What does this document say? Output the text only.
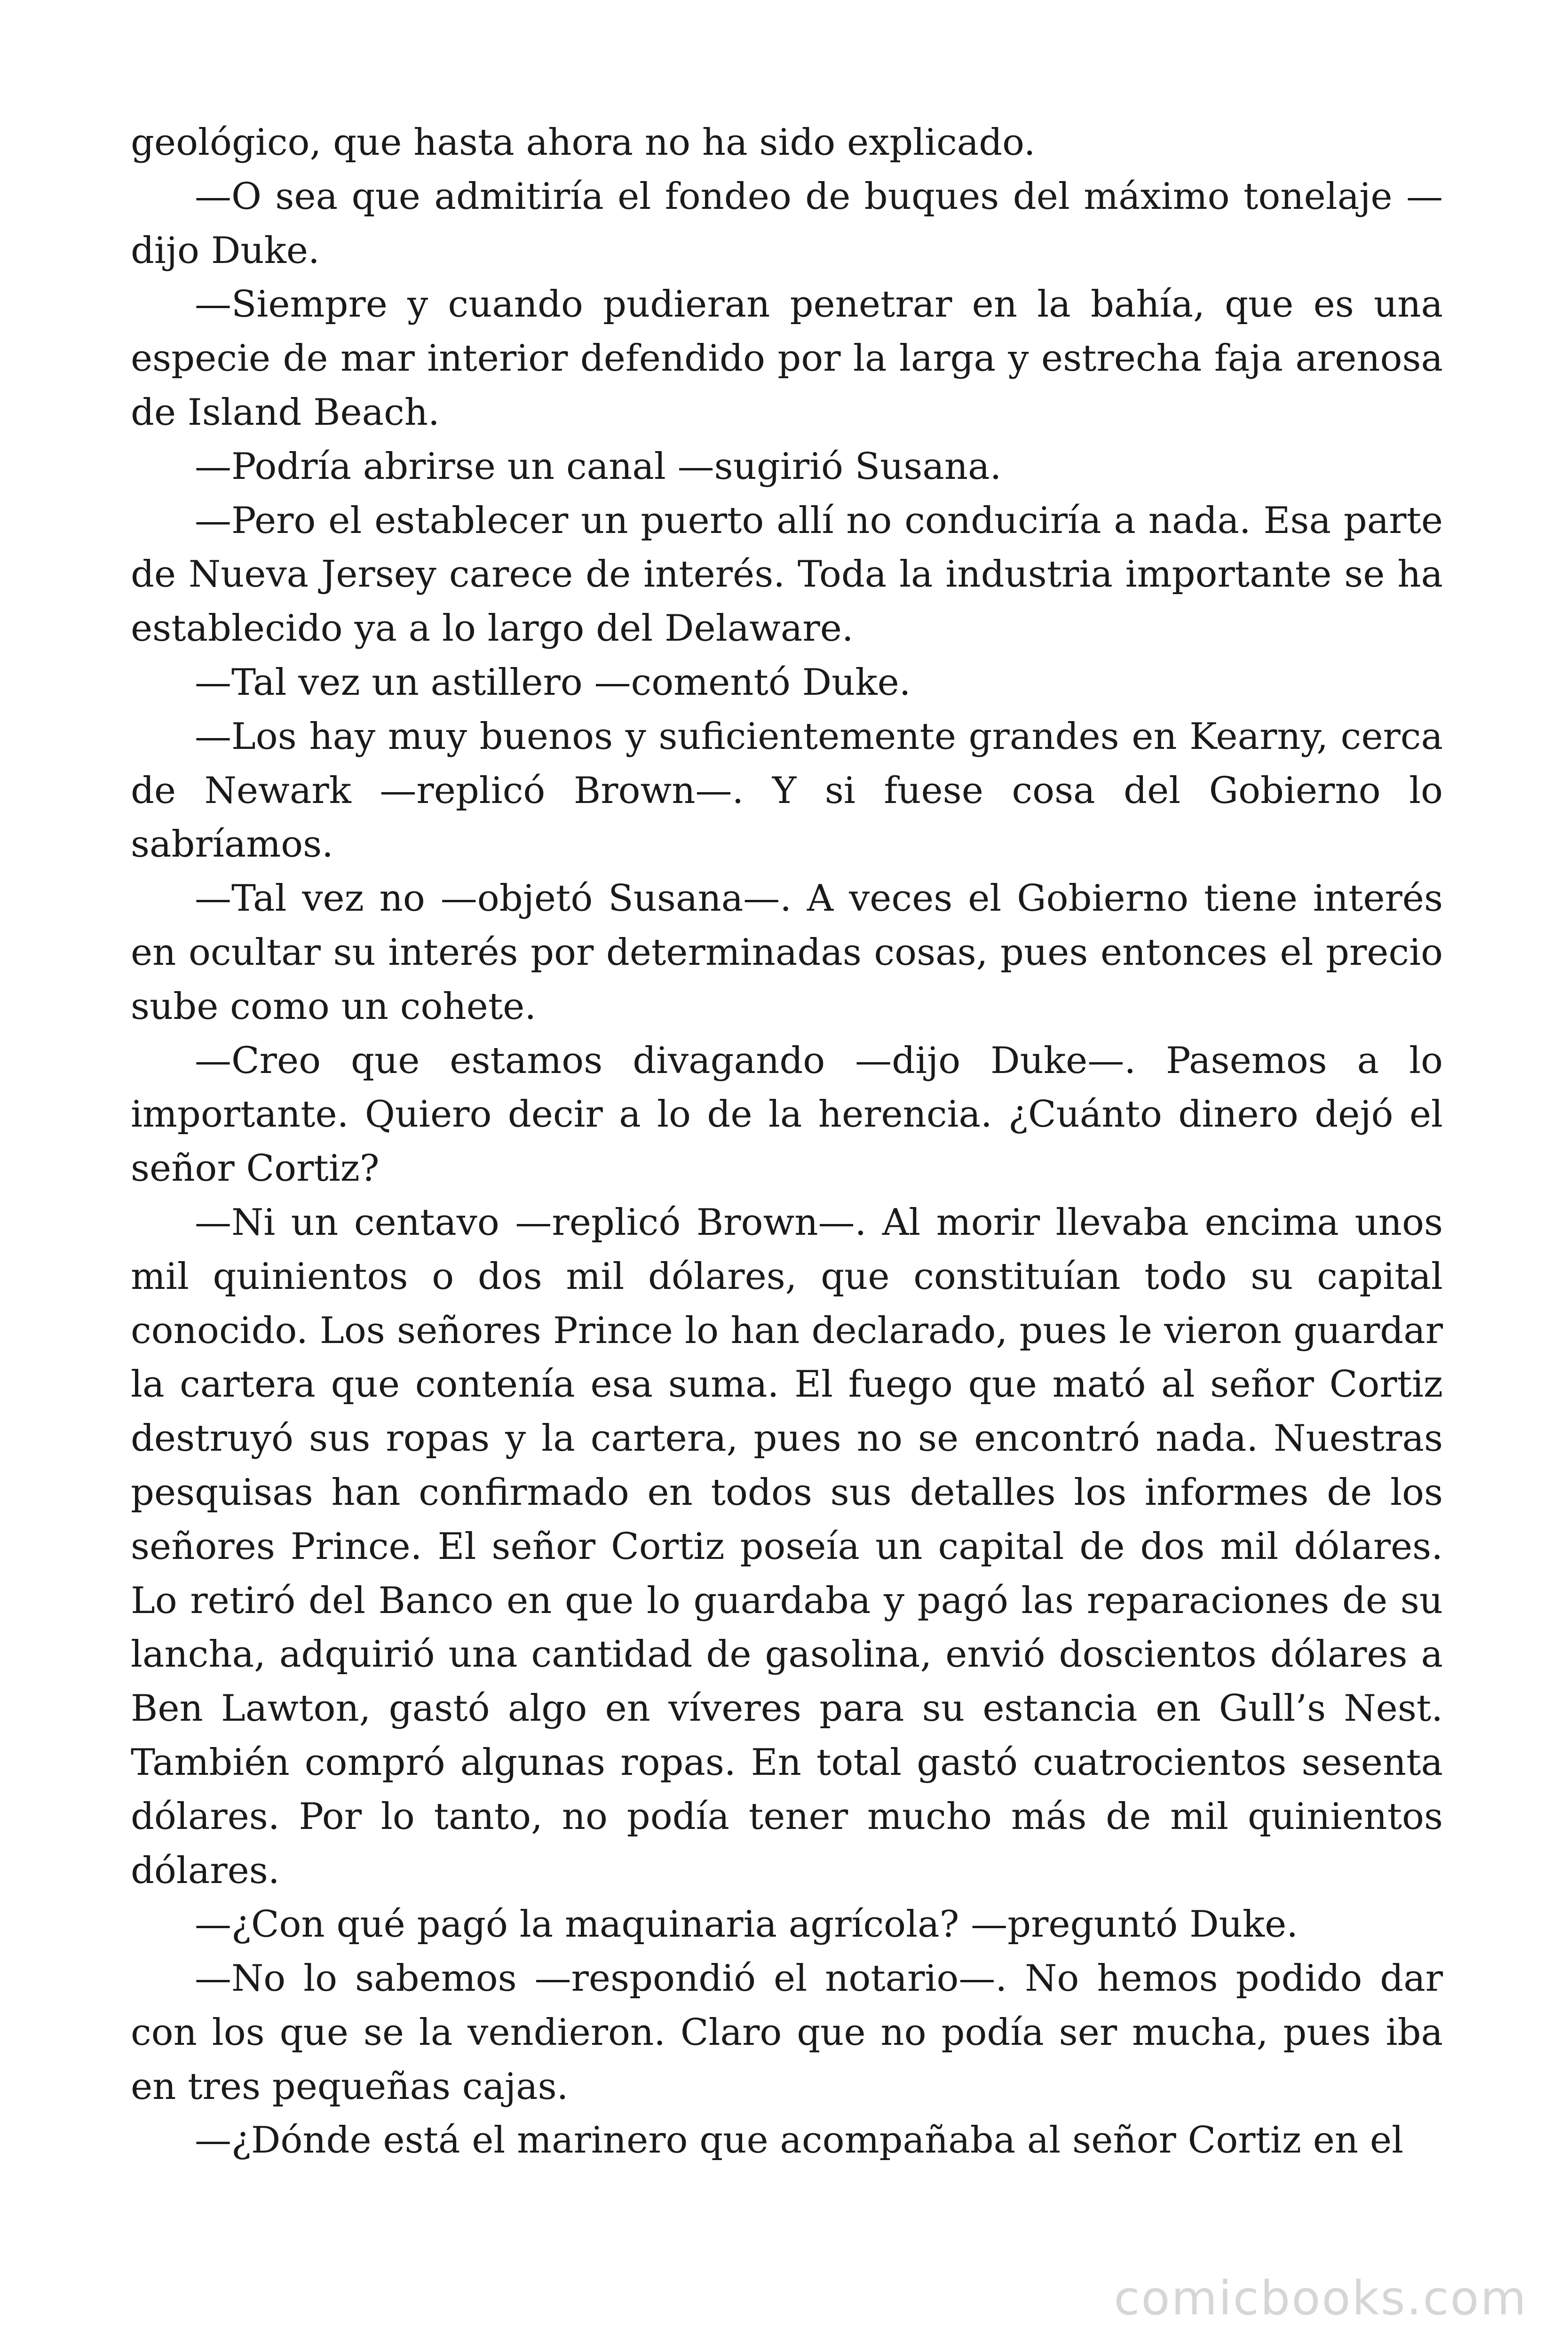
geológico, que hasta ahora no ha sido explicado.

—O sea que admitiría el fondeo de buques del máximo tonelaje —dijo Duke.

—Siempre y cuando pudieran penetrar en la bahía, que es una especie de mar interior defendido por la larga y estrecha faja arenosa de Island Beach.

—Podría abrirse un canal —sugirió Susana.

—Pero el establecer un puerto allí no conduciría a nada. Esa parte de Nueva Jersey carece de interés. Toda la industria importante se ha establecido ya a lo largo del Delaware.

—Tal vez un astillero —comentó Duke.

—Los hay muy buenos y suficientemente grandes en Kearny, cerca de Newark —replicó Brown—. Y si fuese cosa del Gobierno lo sabríamos.

—Tal vez no —objetó Susana—. A veces el Gobierno tiene interés en ocultar su interés por determinadas cosas, pues entonces el precio sube como un cohete.

—Creo que estamos divagando —dijo Duke—. Pasemos a lo importante. Quiero decir a lo de la herencia. ¿Cuánto dinero dejó el señor Cortiz?

—Ni un centavo —replicó Brown—. Al morir llevaba encima unos mil quinientos o dos mil dólares, que constituían todo su capital conocido. Los señores Prince lo han declarado, pues le vieron guardar la cartera que contenía esa suma. El fuego que mató al señor Cortiz destruyó sus ropas y la cartera, pues no se encontró nada. Nuestras pesquisas han confirmado en todos sus detalles los informes de los señores Prince. El señor Cortiz poseía un capital de dos mil dólares. Lo retiró del Banco en que lo guardaba y pagó las reparaciones de su lancha, adquirió una cantidad de gasolina, envió doscientos dólares a Ben Lawton, gastó algo en víveres para su estancia en Gull’s Nest. También compró algunas ropas. En total gastó cuatrocientos sesenta dólares. Por lo tanto, no podía tener mucho más de mil quinientos dólares.

—¿Con qué pagó la maquinaria agrícola? —preguntó Duke.

—No lo sabemos —respondió el notario—. No hemos podido dar con los que se la vendieron. Claro que no podía ser mucha, pues iba en tres pequeñas cajas.

—¿Dónde está el marinero que acompañaba al señor Cortiz en el

comicbooks.com
